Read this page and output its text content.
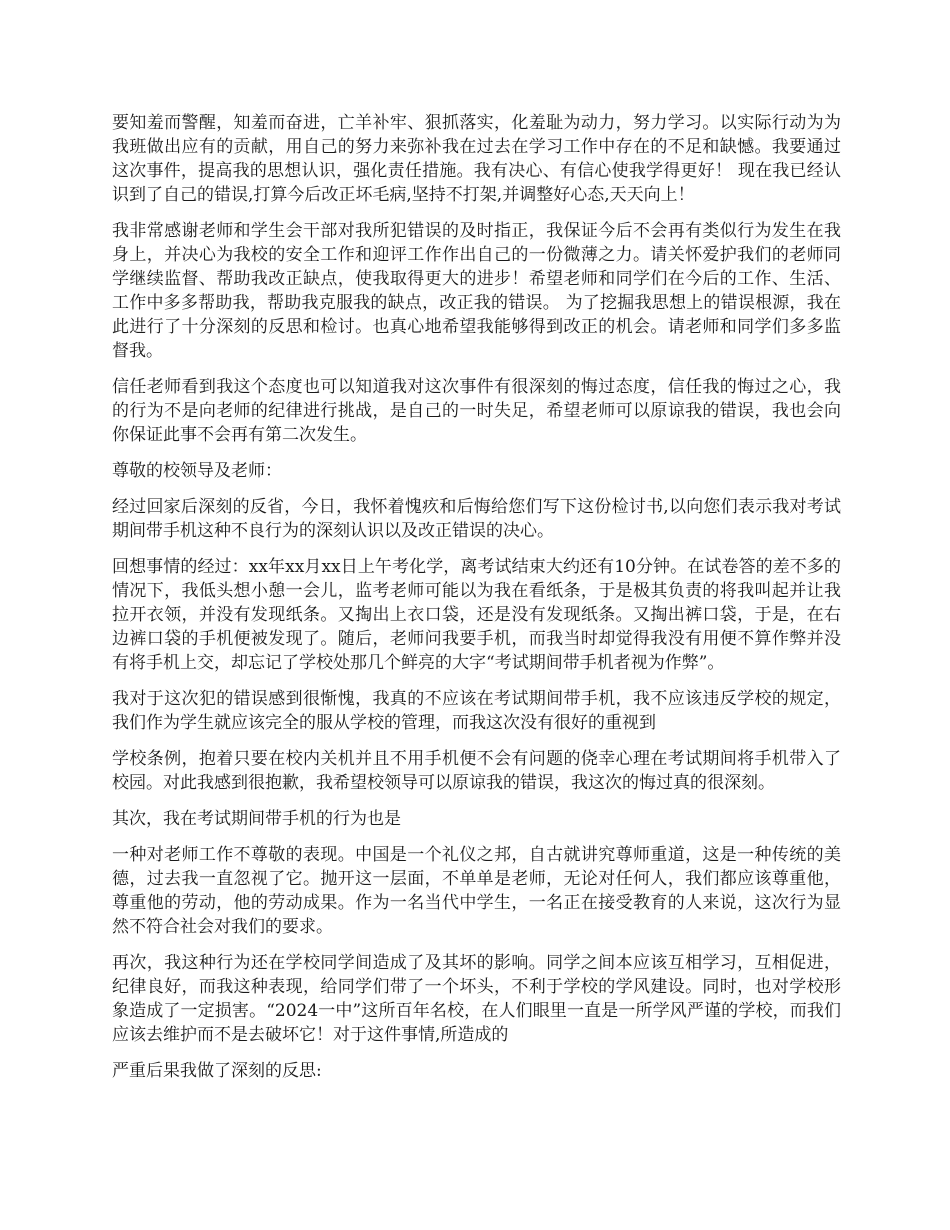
要知羞而警醒，知羞而奋进，亡羊补牢、狠抓落实，化羞耻为动力，努力学习。以实际行动为为我班做出应有的贡献，用自己的努力来弥补我在过去在学习工作中存在的不足和缺憾。我要通过这次事件，提高我的思想认识，强化责任措施。我有决心、有信心使我学得更好！ 现在我已经认识到了自己的错误,打算今后改正坏毛病,坚持不打架,并调整好心态,天天向上！

我非常感谢老师和学生会干部对我所犯错误的及时指正，我保证今后不会再有类似行为发生在我身上，并决心为我校的安全工作和迎评工作作出自己的一份微薄之力。请关怀爱护我们的老师同学继续监督、帮助我改正缺点，使我取得更大的进步！希望老师和同学们在今后的工作、生活、工作中多多帮助我，帮助我克服我的缺点，改正我的错误。 为了挖掘我思想上的错误根源，我在此进行了十分深刻的反思和检讨。也真心地希望我能够得到改正的机会。请老师和同学们多多监督我。

信任老师看到我这个态度也可以知道我对这次事件有很深刻的悔过态度，信任我的悔过之心，我的行为不是向老师的纪律进行挑战，是自己的一时失足，希望老师可以原谅我的错误，我也会向你保证此事不会再有第二次发生。

尊敬的校领导及老师：

经过回家后深刻的反省，今日，我怀着愧疚和后悔给您们写下这份检讨书,以向您们表示我对考试期间带手机这种不良行为的深刻认识以及改正错误的决心。

回想事情的经过：xx年xx月xx日上午考化学，离考试结束大约还有10分钟。在试卷答的差不多的情况下，我低头想小憩一会儿，监考老师可能以为我在看纸条，于是极其负责的将我叫起并让我拉开衣领，并没有发现纸条。又掏出上衣口袋，还是没有发现纸条。又掏出裤口袋，于是，在右边裤口袋的手机便被发现了。随后，老师问我要手机，而我当时却觉得我没有用便不算作弊并没有将手机上交，却忘记了学校处那几个鲜亮的大字“考试期间带手机者视为作弊”。

我对于这次犯的错误感到很惭愧，我真的不应该在考试期间带手机，我不应该违反学校的规定，我们作为学生就应该完全的服从学校的管理，而我这次没有很好的重视到

学校条例，抱着只要在校内关机并且不用手机便不会有问题的侥幸心理在考试期间将手机带入了校园。对此我感到很抱歉，我希望校领导可以原谅我的错误，我这次的悔过真的很深刻。

其次，我在考试期间带手机的行为也是

一种对老师工作不尊敬的表现。中国是一个礼仪之邦，自古就讲究尊师重道，这是一种传统的美德，过去我一直忽视了它。抛开这一层面，不单单是老师，无论对任何人，我们都应该尊重他，尊重他的劳动，他的劳动成果。作为一名当代中学生，一名正在接受教育的人来说，这次行为显然不符合社会对我们的要求。

再次，我这种行为还在学校同学间造成了及其坏的影响。同学之间本应该互相学习，互相促进，纪律良好，而我这种表现，给同学们带了一个坏头，不利于学校的学风建设。同时，也对学校形象造成了一定损害。“2024一中”这所百年名校，在人们眼里一直是一所学风严谨的学校，而我们应该去维护而不是去破坏它！对于这件事情,所造成的

严重后果我做了深刻的反思:
